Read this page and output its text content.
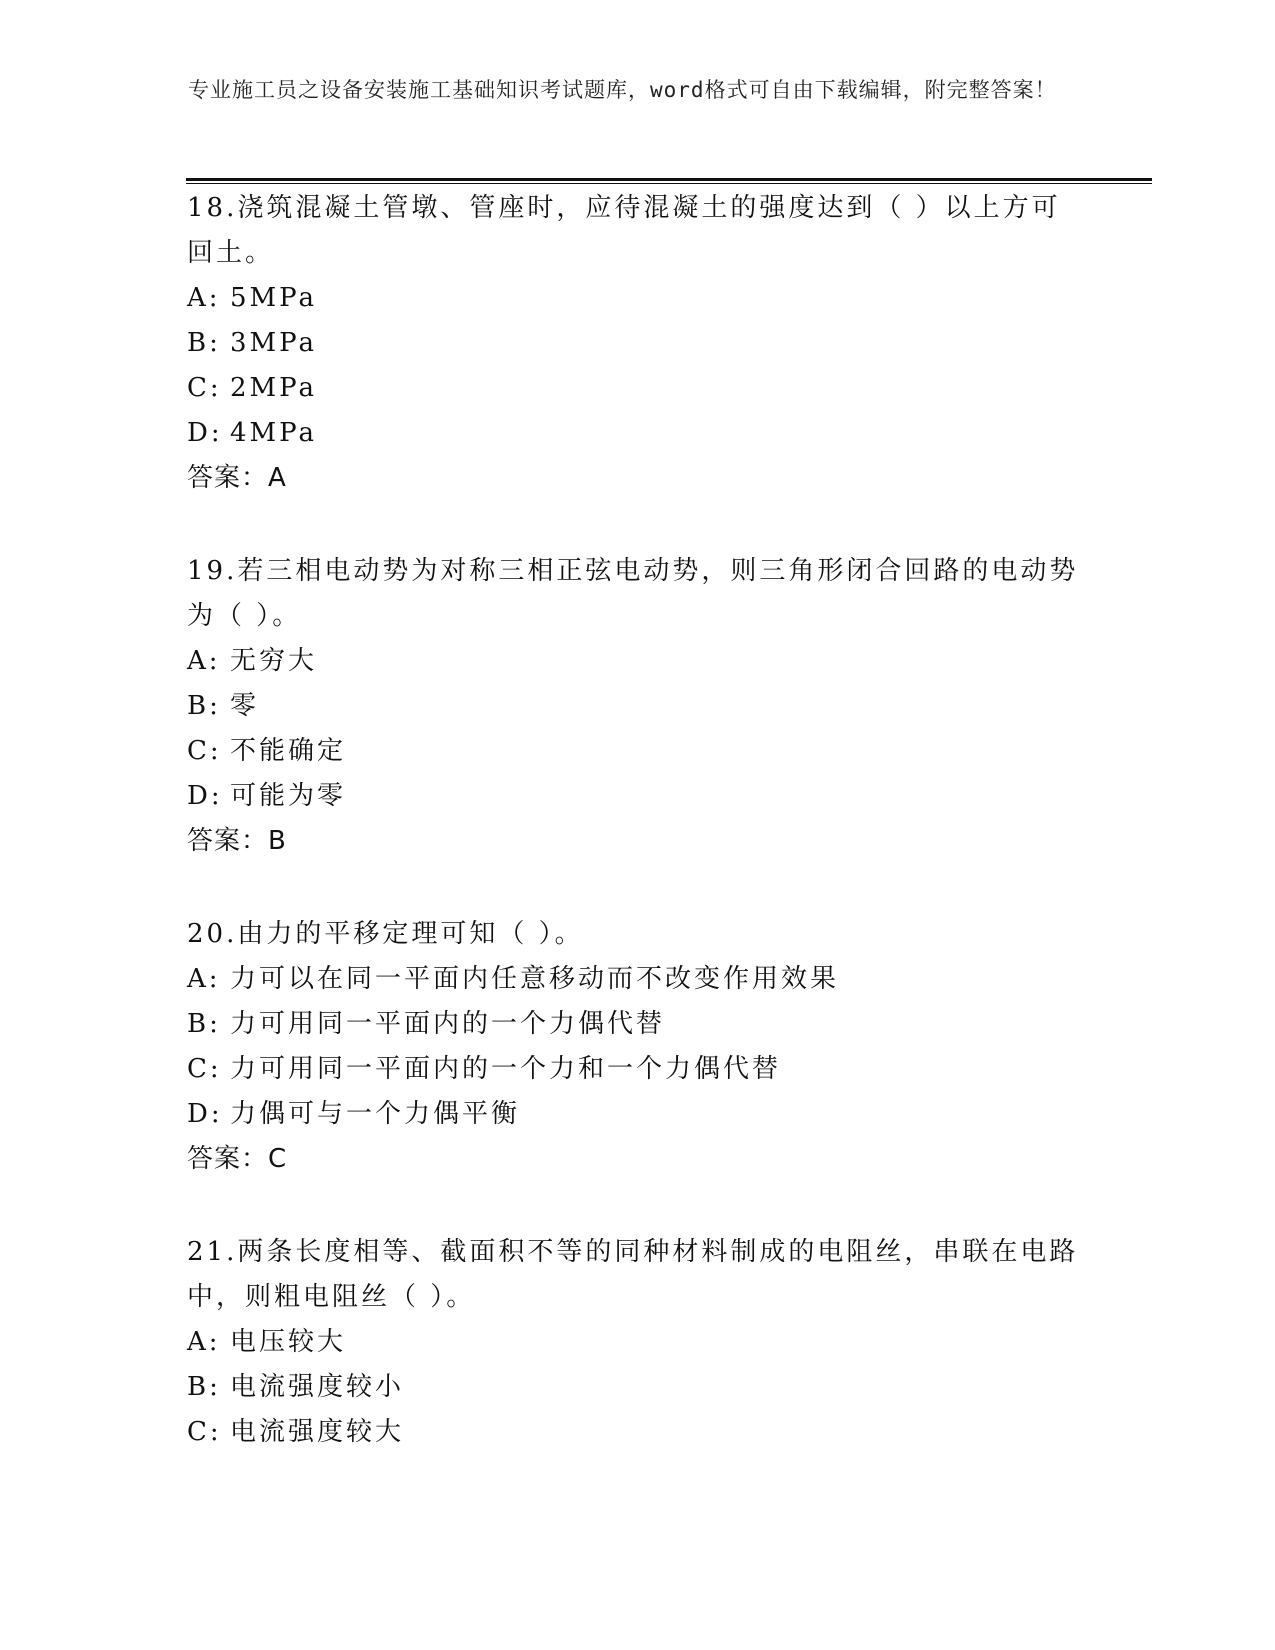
专业施工员之设备安装施工基础知识考试题库，word格式可自由下载编辑，附完整答案！

18.浇筑混凝土管墩、管座时，应待混凝土的强度达到（ ）以上方可回土。

A: 5MPa

B: 3MPa

C: 2MPa

D: 4MPa

答案：A

19.若三相电动势为对称三相正弦电动势，则三角形闭合回路的电动势为（ ）。

A: 无穷大

B: 零

C: 不能确定

D: 可能为零

答案：B

20.由力的平移定理可知（ ）。

A: 力可以在同一平面内任意移动而不改变作用效果

B: 力可用同一平面内的一个力偶代替

C: 力可用同一平面内的一个力和一个力偶代替

D: 力偶可与一个力偶平衡

答案：C

21.两条长度相等、截面积不等的同种材料制成的电阻丝，串联在电路中，则粗电阻丝（ ）。

A: 电压较大

B: 电流强度较小

C: 电流强度较大
